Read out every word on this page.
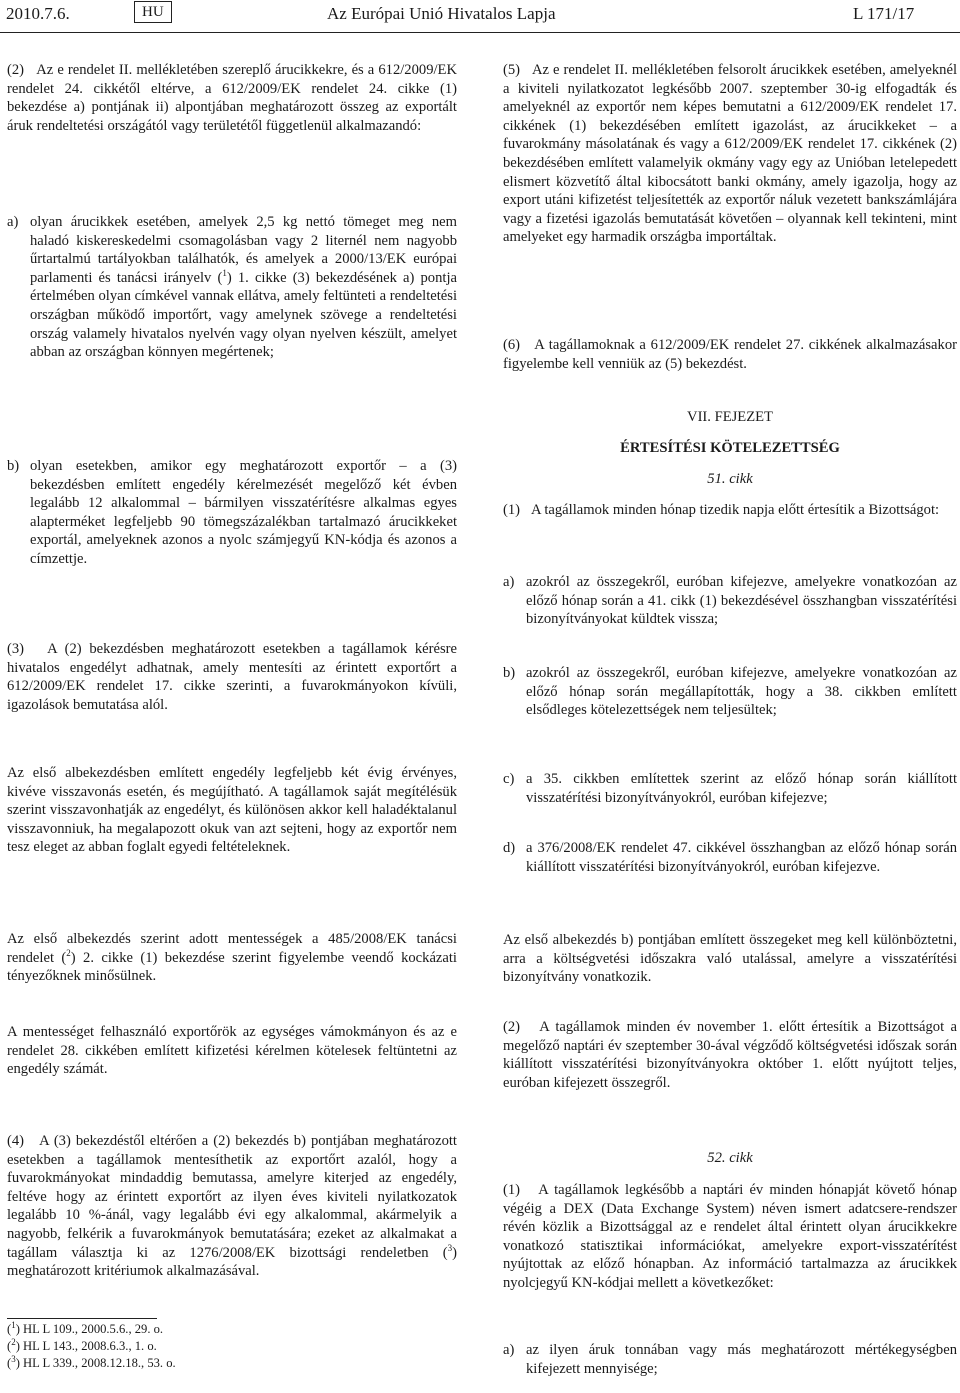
2010.7.6.	HU	Az Európai Unió Hivatalos Lapja	L 171/17

(2)   Az e rendelet II. mellékletében szereplő árucikkekre, és a 612/2009/EK rendelet 24. cikkétől eltérve, a 612/2009/EK rendelet 24. cikke (1) bekezdése a) pontjának ii) alpontjában meghatározott összeg az exportált áruk rendeltetési országától vagy területétől függetlenül alkalmazandó:

a) olyan árucikkek esetében, amelyek 2,5 kg nettó tömeget meg nem haladó kiskereskedelmi csomagolásban vagy 2 liternél nem nagyobb űrtartalmú tartályokban találhatók, és amelyek a 2000/13/EK európai parlamenti és tanácsi irányelv ($^1$) 1. cikke (3) bekezdésének a) pontja értelmében olyan címkével vannak ellátva, amely feltünteti a rendeltetési országban működő importőrt, vagy amelynek szövege a rendeltetési ország valamely hivatalos nyelvén vagy olyan nyelven készült, amelyet abban az országban könnyen megértenek;

b) olyan esetekben, amikor egy meghatározott exportőr – a (3) bekezdésben említett engedély kérelmezését megelőző két évben legalább 12 alkalommal – bármilyen visszatérítésre alkalmas egyes alapterméket legfeljebb 90 tömegszázalékban tartalmazó árucikkeket exportál, amelyeknek azonos a nyolc számjegyű KN-kódja és azonos a címzettje.

(3)   A (2) bekezdésben meghatározott esetekben a tagállamok kérésre hivatalos engedélyt adhatnak, amely mentesíti az érintett exportőrt a 612/2009/EK rendelet 17. cikke szerinti, a fuvarokmányokon kívüli, igazolások bemutatása alól.

Az első albekezdésben említett engedély legfeljebb két évig érvényes, kivéve visszavonás esetén, és megújítható. A tagállamok saját megítélésük szerint visszavonhatják az engedélyt, és különösen akkor kell haladéktalanul visszavonniuk, ha megalapozott okuk van azt sejteni, hogy az exportőr nem tesz eleget az abban foglalt egyedi feltételeknek.

Az első albekezdés szerint adott mentességek a 485/2008/EK tanácsi rendelet ($^2$) 2. cikke (1) bekezdése szerint figyelembe veendő kockázati tényezőknek minősülnek.

A mentességet felhasználó exportőrök az egységes vámokmányon és az e rendelet 28. cikkében említett kifizetési kérelmen kötelesek feltüntetni az engedély számát.

(4)   A (3) bekezdéstől eltérően a (2) bekezdés b) pontjában meghatározott esetekben a tagállamok mentesíthetik az exportőrt azalól, hogy a fuvarokmányokat mindaddig bemutassa, amelyre kiterjed az engedély, feltéve hogy az érintett exportőrt az ilyen éves kiviteli nyilatkozatok legalább 10 %-ánál, vagy legalább évi egy alkalommal, akármelyik a nagyobb, felkérik a fuvarokmányok bemutatására; ezeket az alkalmakat a tagállam választja ki az 1276/2008/EK bizottsági rendeletben ($^3$) meghatározott kritériumok alkalmazásával.

($^1$) HL L 109., 2000.5.6., 29. o.
($^2$) HL L 143., 2008.6.3., 1. o.
($^3$) HL L 339., 2008.12.18., 53. o.

(5)   Az e rendelet II. mellékletében felsorolt árucikkek esetében, amelyeknél a kiviteli nyilatkozatot legkésőbb 2007. szeptember 30-ig elfogadták és amelyeknél az exportőr nem képes bemutatni a 612/2009/EK rendelet 17. cikkének (1) bekezdésében említett igazolást, az árucikkeket – a fuvarokmány másolatának és vagy a 612/2009/EK rendelet 17. cikkének (2) bekezdésében említett valamelyik okmány vagy egy az Unióban letelepedett elismert közvetítő által kibocsátott banki okmány, amely igazolja, hogy az export utáni kifizetést teljesítették az exportőr náluk vezetett bankszámlájára vagy a fizetési igazolás bemutatását követően – olyannak kell tekinteni, mint amelyeket egy harmadik országba importáltak.

(6)   A tagállamoknak a 612/2009/EK rendelet 27. cikkének alkalmazásakor figyelembe kell venniük az (5) bekezdést.

VII. FEJEZET

ÉRTESÍTÉSI KÖTELEZETTSÉG

51. cikk

(1)   A tagállamok minden hónap tizedik napja előtt értesítik a Bizottságot:

a) azokról az összegekről, euróban kifejezve, amelyekre vonatkozóan az előző hónap során a 41. cikk (1) bekezdésével összhangban visszatérítési bizonyítványokat küldtek vissza;

b) azokról az összegekről, euróban kifejezve, amelyekre vonatkozóan az előző hónap során megállapították, hogy a 38. cikkben említett elsődleges kötelezettségek nem teljesültek;

c) a 35. cikkben említettek szerint az előző hónap során kiállított visszatérítési bizonyítványokról, euróban kifejezve;

d) a 376/2008/EK rendelet 47. cikkével összhangban az előző hónap során kiállított visszatérítési bizonyítványokról, euróban kifejezve.

Az első albekezdés b) pontjában említett összegeket meg kell különböztetni, arra a költségvetési időszakra való utalással, amelyre a visszatérítési bizonyítvány vonatkozik.

(2)   A tagállamok minden év november 1. előtt értesítik a Bizottságot a megelőző naptári év szeptember 30-ával végződő költségvetési időszak során kiállított visszatérítési bizonyítványokra október 1. előtt nyújtott teljes, euróban kifejezett összegről.

52. cikk

(1)   A tagállamok legkésőbb a naptári év minden hónapját követő hónap végéig a DEX (Data Exchange System) néven ismert adatcsere-rendszer révén közlik a Bizottsággal az e rendelet által érintett olyan árucikkekre vonatkozó statisztikai információkat, amelyekre export-visszatérítést nyújtottak az előző hónapban. Az információ tartalmazza az árucikkek nyolcjegyű KN-kódjai mellett a következőket:

a) az ilyen áruk tonnában vagy más meghatározott mértékegységben kifejezett mennyisége;
